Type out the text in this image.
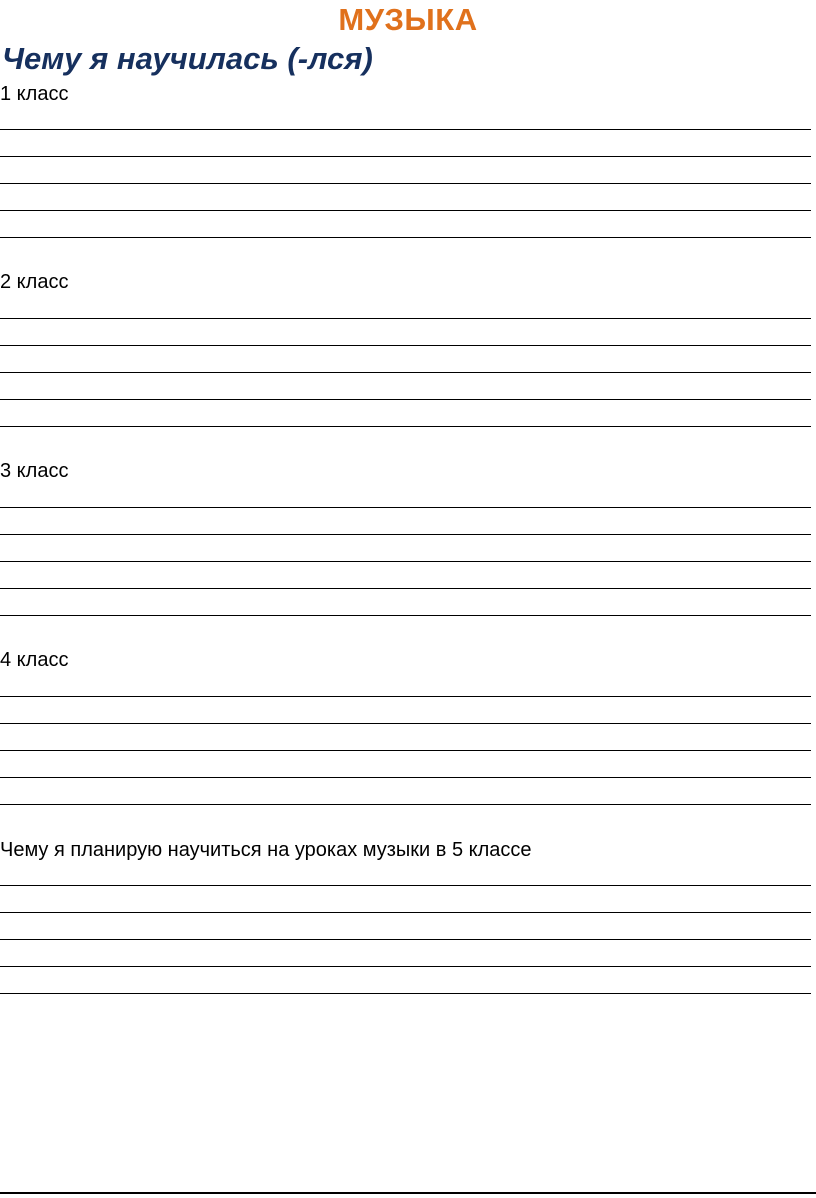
МУЗЫКА
Чему я научилась (-лся)
1 класс
2 класс
3 класс
4 класс
Чему я планирую научиться на уроках музыки в 5 классе
